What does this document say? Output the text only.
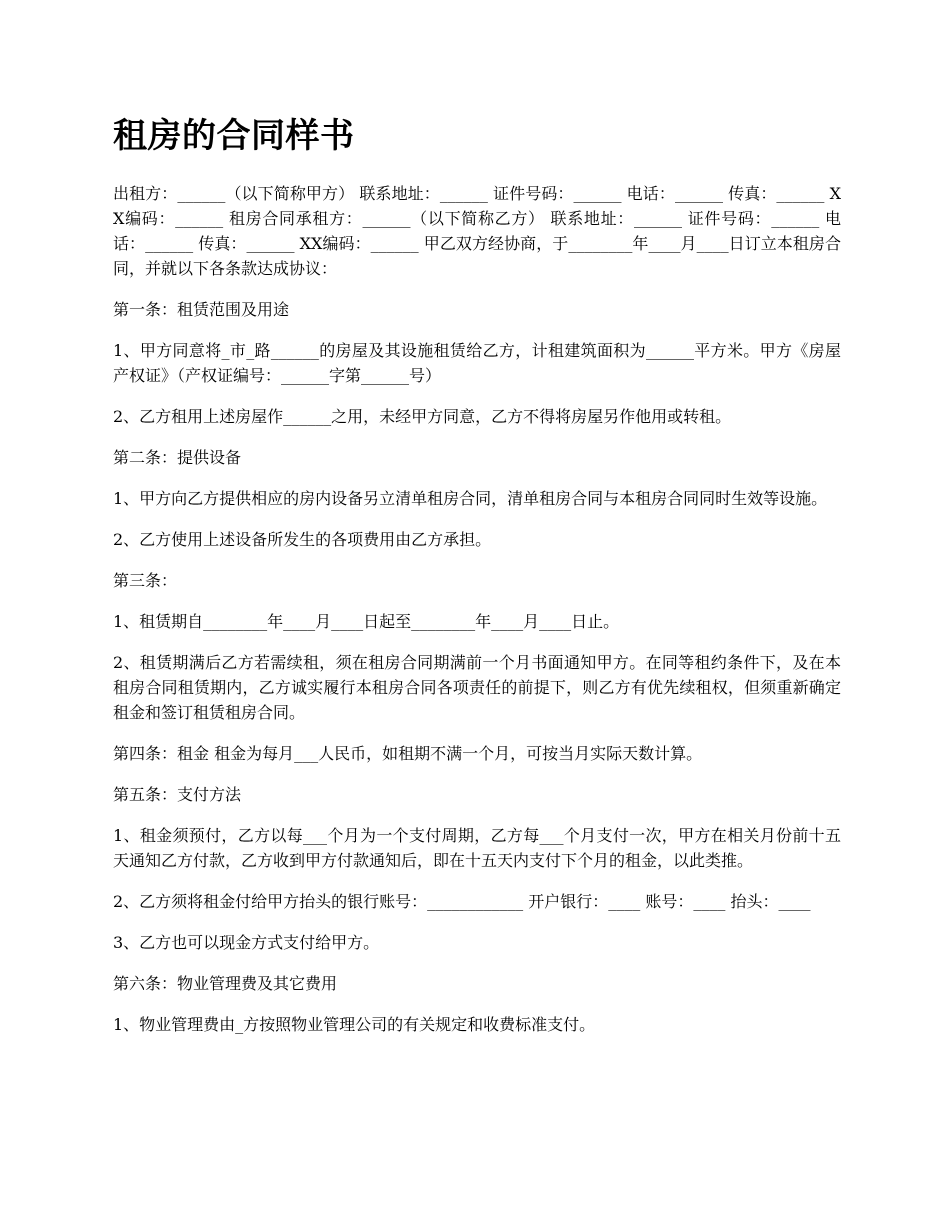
租房的合同样书

出租方：______（以下简称甲方） 联系地址：______ 证件号码：______ 电话：______ 传真：______ XX编码：______ 租房合同承租方：______（以下简称乙方） 联系地址：______ 证件号码：______ 电话：______ 传真：______ XX编码：______ 甲乙双方经协商，于________年____月____日订立本租房合同，并就以下各条款达成协议：

第一条：租赁范围及用途

1、甲方同意将_市_路______的房屋及其设施租赁给乙方，计租建筑面积为______平方米。甲方《房屋产权证》（产权证编号：______字第______号）

2、乙方租用上述房屋作______之用，未经甲方同意，乙方不得将房屋另作他用或转租。

第二条：提供设备

1、甲方向乙方提供相应的房内设备另立清单租房合同，清单租房合同与本租房合同同时生效等设施。

2、乙方使用上述设备所发生的各项费用由乙方承担。

第三条：

1、租赁期自________年____月____日起至________年____月____日止。

2、租赁期满后乙方若需续租，须在租房合同期满前一个月书面通知甲方。在同等租约条件下，及在本租房合同租赁期内，乙方诚实履行本租房合同各项责任的前提下，则乙方有优先续租权，但须重新确定租金和签订租赁租房合同。

第四条：租金 租金为每月___人民币，如租期不满一个月，可按当月实际天数计算。

第五条：支付方法

1、租金须预付，乙方以每___个月为一个支付周期，乙方每___个月支付一次，甲方在相关月份前十五天通知乙方付款，乙方收到甲方付款通知后，即在十五天内支付下个月的租金，以此类推。

2、乙方须将租金付给甲方抬头的银行账号：____________ 开户银行：____ 账号：____ 抬头：____

3、乙方也可以现金方式支付给甲方。

第六条：物业管理费及其它费用

1、物业管理费由_方按照物业管理公司的有关规定和收费标准支付。
